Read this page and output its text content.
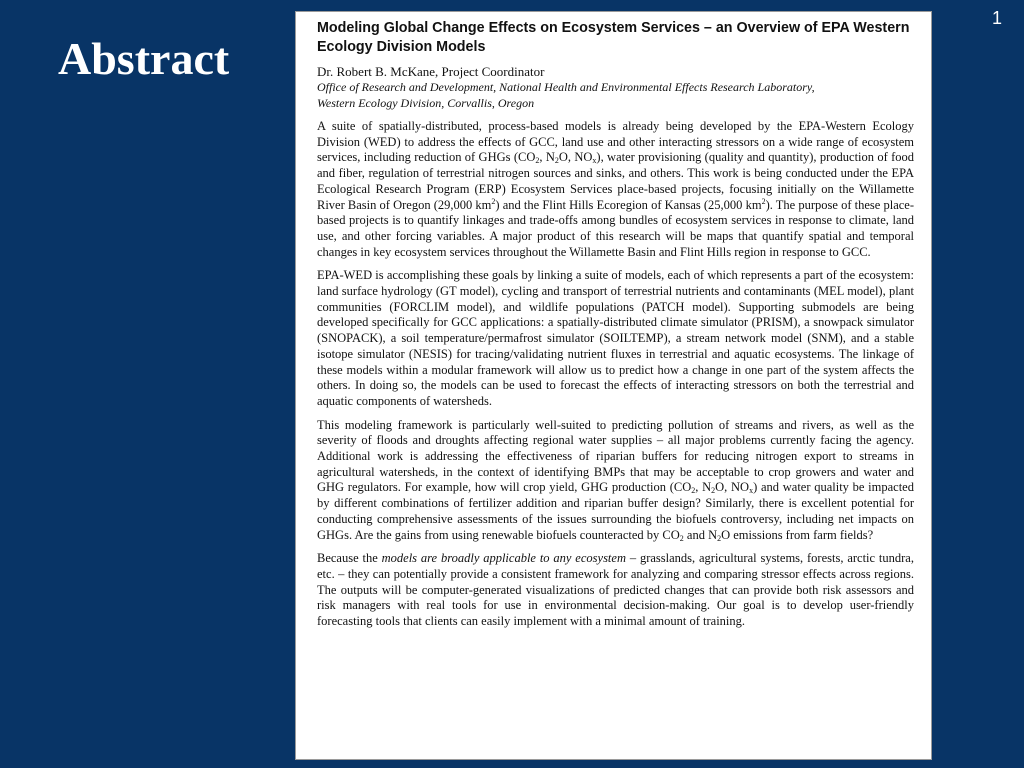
Abstract
1
Modeling Global Change Effects on Ecosystem Services – an Overview of EPA Western Ecology Division Models

Dr. Robert B. McKane, Project Coordinator

Office of Research and Development, National Health and Environmental Effects Research Laboratory,
Western Ecology Division, Corvallis, Oregon

A suite of spatially-distributed, process-based models is already being developed by the EPA-Western Ecology Division (WED) to address the effects of GCC, land use and other interacting stressors on a wide range of ecosystem services, including reduction of GHGs ($CO_2$, $N_2O$, $NO_x$), water provisioning (quality and quantity), production of food and fiber, regulation of terrestrial nitrogen sources and sinks, and others. This work is being conducted under the EPA Ecological Research Program (ERP) Ecosystem Services place-based projects, focusing initially on the Willamette River Basin of Oregon (29,000 $km^2$) and the Flint Hills Ecoregion of Kansas (25,000 $km^2$). The purpose of these place-based projects is to quantify linkages and trade-offs among bundles of ecosystem services in response to climate, land use, and other forcing variables. A major product of this research will be maps that quantify spatial and temporal changes in key ecosystem services throughout the Willamette Basin and Flint Hills region in response to GCC.

EPA-WED is accomplishing these goals by linking a suite of models, each of which represents a part of the ecosystem: land surface hydrology (GT model), cycling and transport of terrestrial nutrients and contaminants (MEL model), plant communities (FORCLIM model), and wildlife populations (PATCH model). Supporting submodels are being developed specifically for GCC applications: a spatially-distributed climate simulator (PRISM), a snowpack simulator (SNOPACK), a soil temperature/permafrost simulator (SOILTEMP), a stream network model (SNM), and a stable isotope simulator (NESIS) for tracing/validating nutrient fluxes in terrestrial and aquatic ecosystems. The linkage of these models within a modular framework will allow us to predict how a change in one part of the system affects the others. In doing so, the models can be used to forecast the effects of interacting stressors on both the terrestrial and aquatic components of watersheds.

This modeling framework is particularly well-suited to predicting pollution of streams and rivers, as well as the severity of floods and droughts affecting regional water supplies – all major problems currently facing the agency. Additional work is addressing the effectiveness of riparian buffers for reducing nitrogen export to streams in agricultural watersheds, in the context of identifying BMPs that may be acceptable to crop growers and water and GHG regulators. For example, how will crop yield, GHG production ($CO_2$, $N_2O$, $NO_x$) and water quality be impacted by different combinations of fertilizer addition and riparian buffer design? Similarly, there is excellent potential for conducting comprehensive assessments of the issues surrounding the biofuels controversy, including net impacts on GHGs. Are the gains from using renewable biofuels counteracted by $CO_2$ and $N_2O$ emissions from farm fields?

Because the models are broadly applicable to any ecosystem – grasslands, agricultural systems, forests, arctic tundra, etc. – they can potentially provide a consistent framework for analyzing and comparing stressor effects across regions. The outputs will be computer-generated visualizations of predicted changes that can provide both risk assessors and risk managers with real tools for use in environmental decision-making. Our goal is to develop user-friendly forecasting tools that clients can easily implement with a minimal amount of training.
